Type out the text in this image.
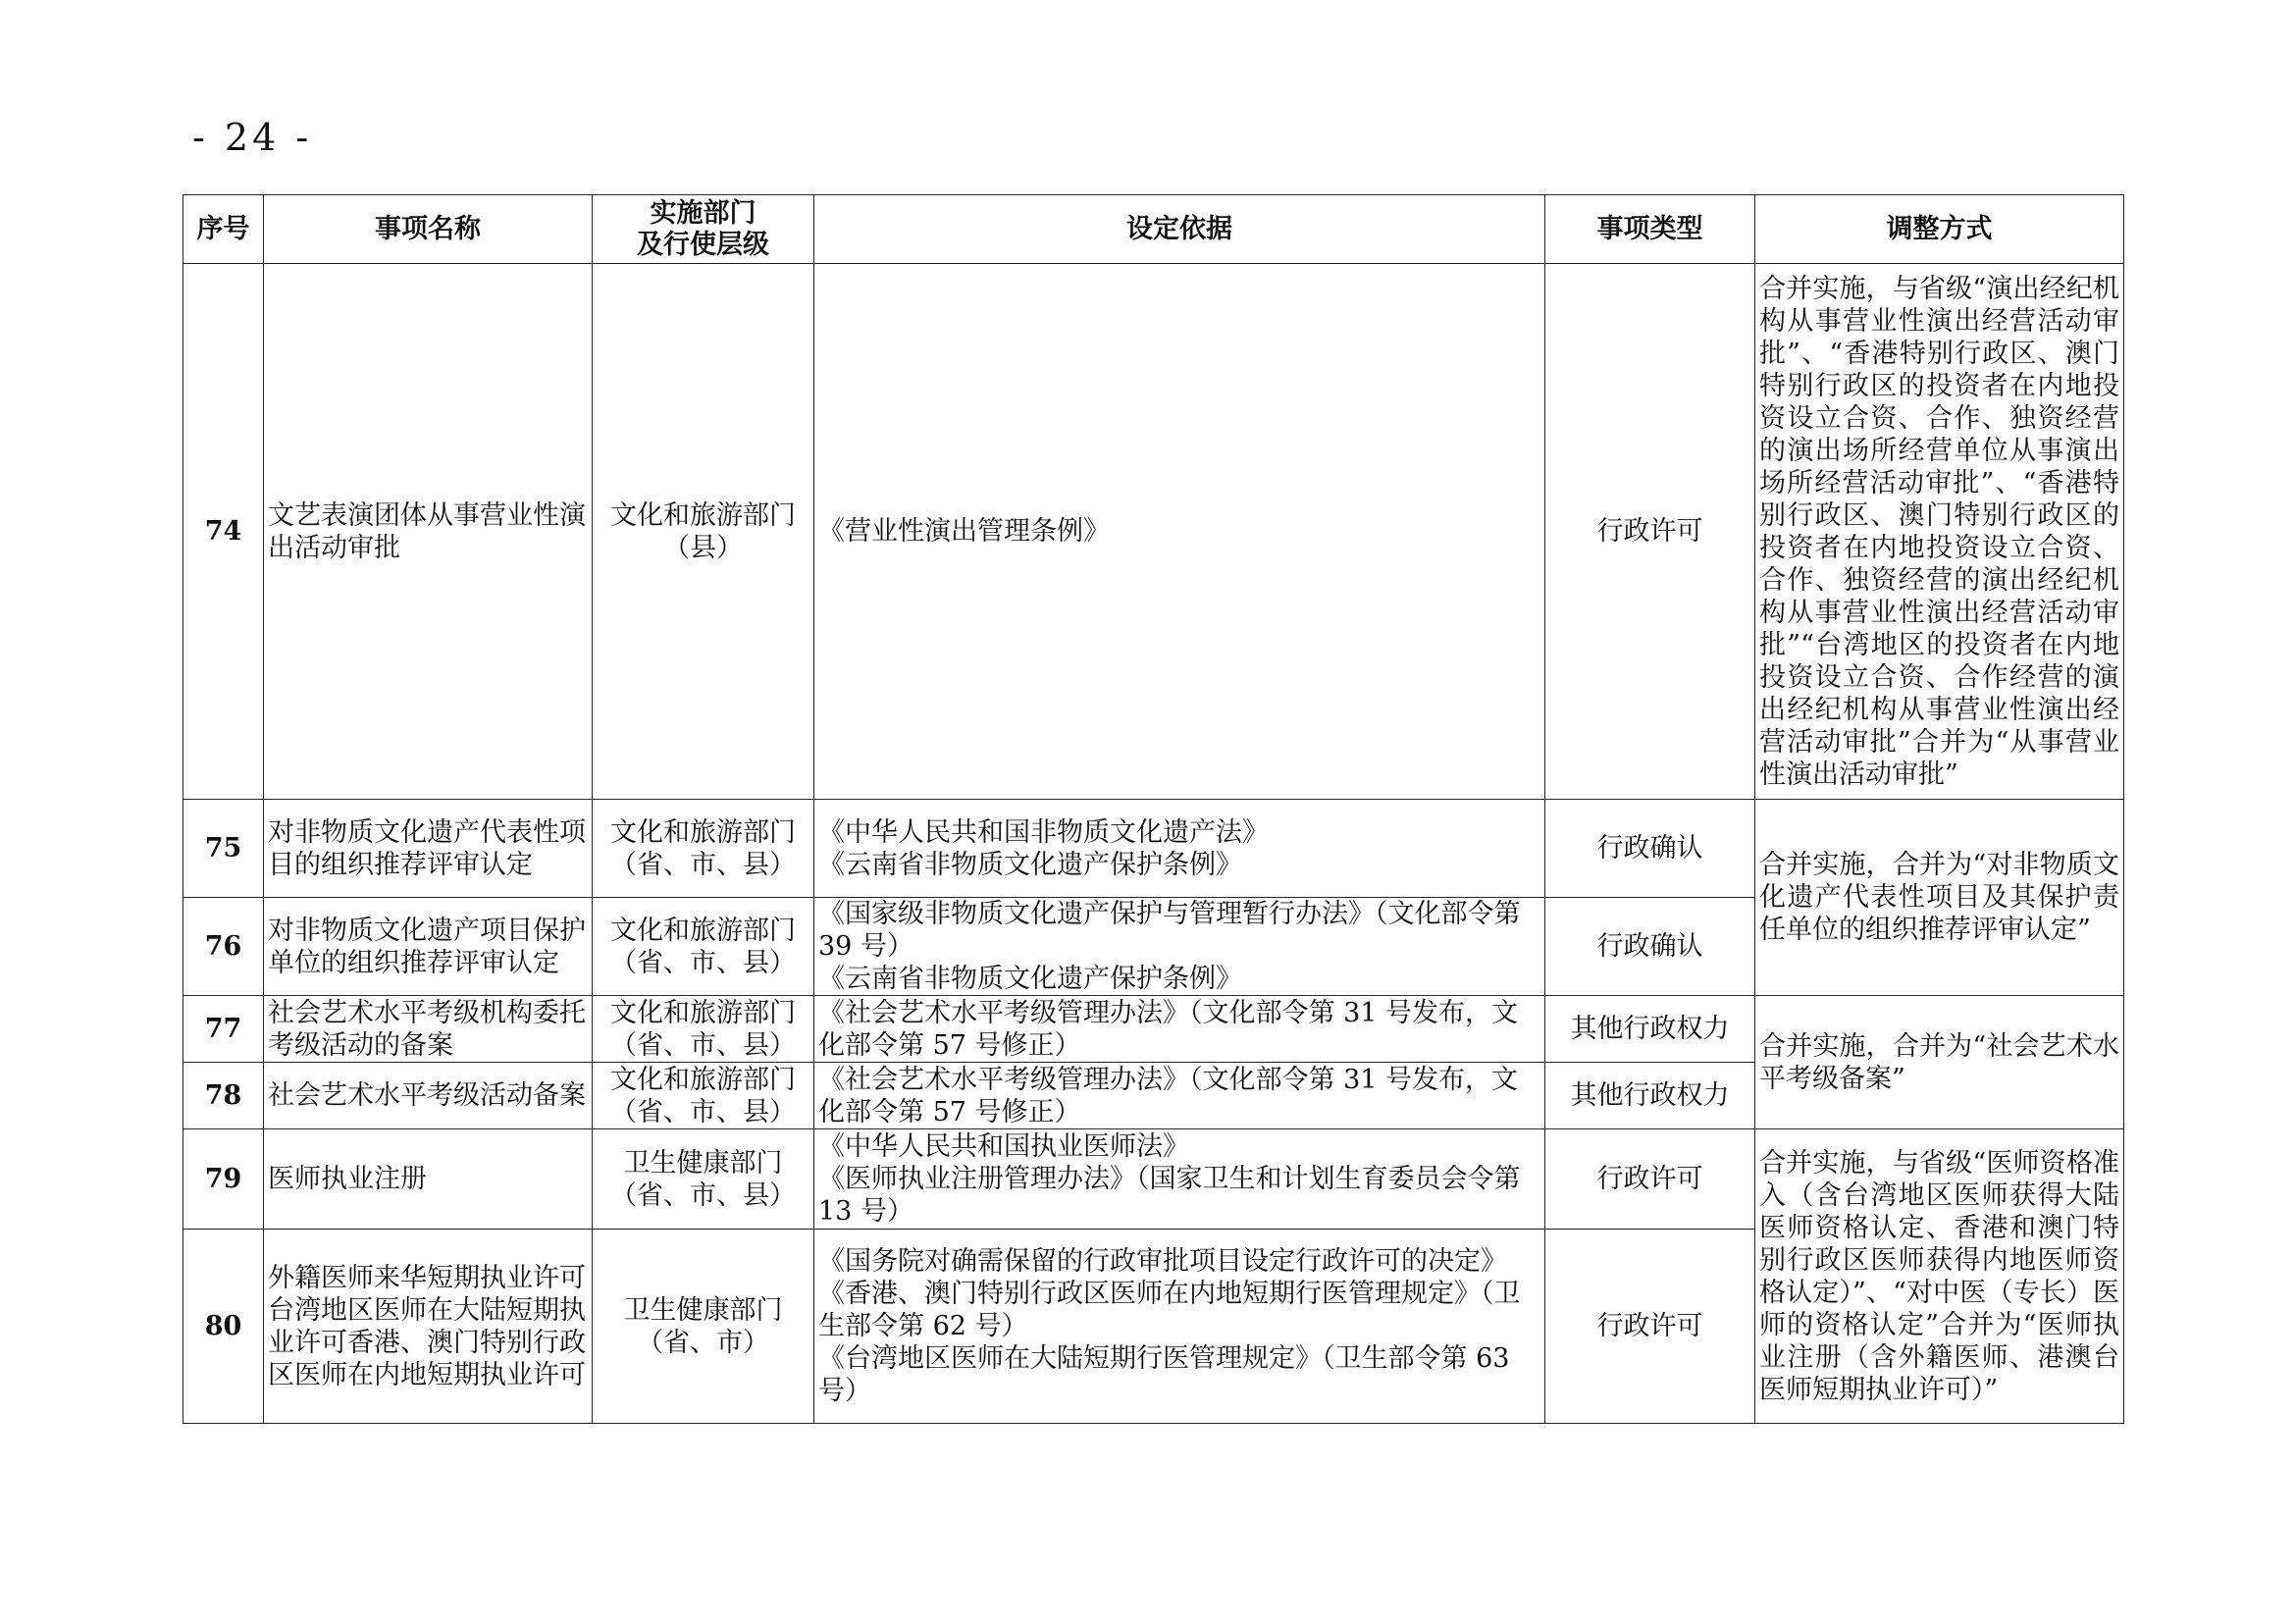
- 24 -
序号	事项名称	实施部门
及行使层级	设定依据	事项类型	调整方式
74	文艺表演团体从事营业性演出活动审批	文化和旅游部门
（县）	《营业性演出管理条例》	行政许可	合并实施，与省级“演出经纪机构从事营业性演出经营活动审批”、“香港特别行政区、澳门特别行政区的投资者在内地投资设立合资、合作、独资经营的演出场所经营单位从事演出场所经营活动审批”、“香港特别行政区、澳门特别行政区的投资者在内地投资设立合资、合作、独资经营的演出经纪机构从事营业性演出经营活动审批”“台湾地区的投资者在内地投资设立合资、合作经营的演出经纪机构从事营业性演出经营活动审批”合并为“从事营业性演出活动审批”
75	对非物质文化遗产代表性项目的组织推荐评审认定	文化和旅游部门
（省、市、县）	《中华人民共和国非物质文化遗产法》
《云南省非物质文化遗产保护条例》	行政确认	合并实施，合并为“对非物质文化遗产代表性项目及其保护责任单位的组织推荐评审认定”
76	对非物质文化遗产项目保护单位的组织推荐评审认定	文化和旅游部门
（省、市、县）	《国家级非物质文化遗产保护与管理暂行办法》（文化部令第 39 号）
《云南省非物质文化遗产保护条例》	行政确认	
77	社会艺术水平考级机构委托考级活动的备案	文化和旅游部门
（省、市、县）	《社会艺术水平考级管理办法》（文化部令第 31 号发布，文化部令第 57 号修正）	其他行政权力	合并实施，合并为“社会艺术水平考级备案”
78	社会艺术水平考级活动备案	文化和旅游部门
（省、市、县）	《社会艺术水平考级管理办法》（文化部令第 31 号发布，文化部令第 57 号修正）	其他行政权力	
79	医师执业注册	卫生健康部门
（省、市、县）	《中华人民共和国执业医师法》
《医师执业注册管理办法》（国家卫生和计划生育委员会令第 13 号）	行政许可	合并实施，与省级“医师资格准入（含台湾地区医师获得大陆医师资格认定、香港和澳门特别行政区医师获得内地医师资格认定）”、“对中医（专长）医师的资格认定”合并为“医师执业注册（含外籍医师、港澳台医师短期执业许可）”
80	外籍医师来华短期执业许可台湾地区医师在大陆短期执业许可香港、澳门特别行政区医师在内地短期执业许可	卫生健康部门
（省、市）	《国务院对确需保留的行政审批项目设定行政许可的决定》
《香港、澳门特别行政区医师在内地短期行医管理规定》（卫生部令第 62 号）
《台湾地区医师在大陆短期行医管理规定》（卫生部令第 63 号）	行政许可	
